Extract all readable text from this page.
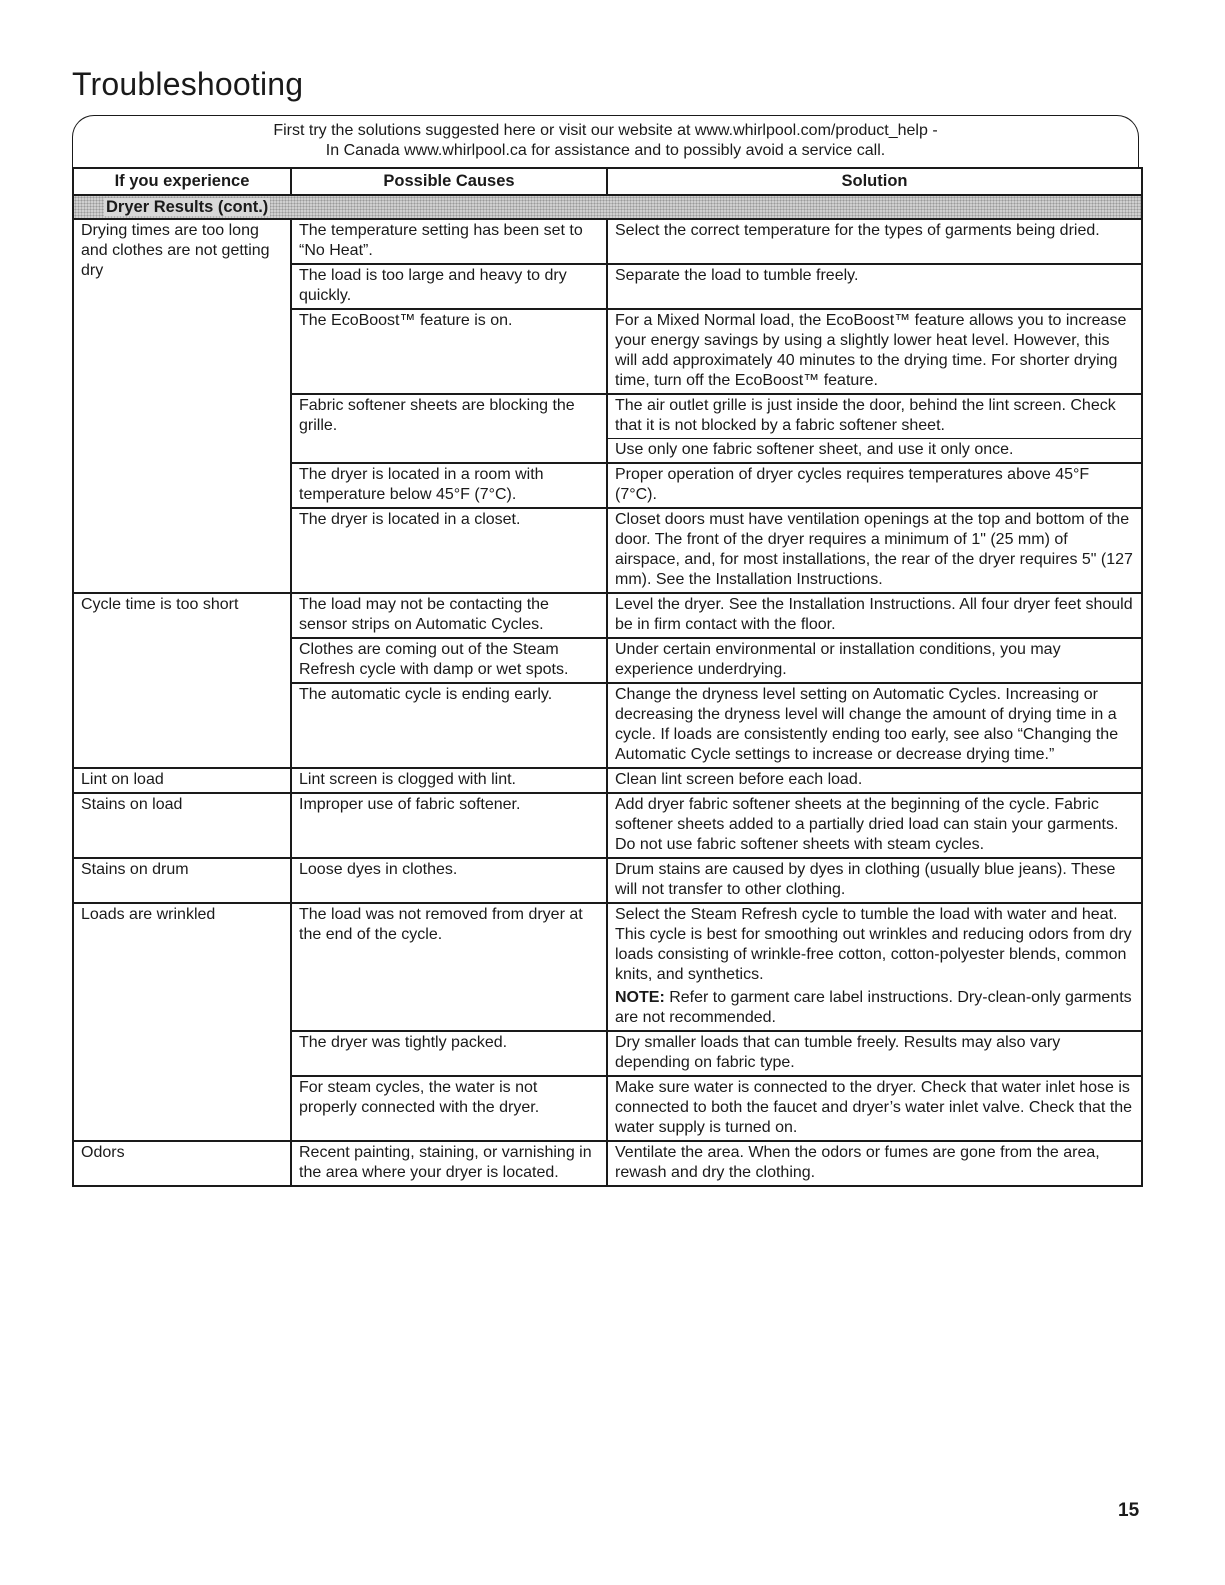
Troubleshooting
First try the solutions suggested here or visit our website at www.whirlpool.com/product_help -
In Canada www.whirlpool.ca for assistance and to possibly avoid a service call.
If you experience	Possible Causes	Solution
Dryer Results (cont.)		
Drying times are too long and clothes are not getting dry	The temperature setting has been set to “No Heat”.	Select the correct temperature for the types of garments being dried.

	The load is too large and heavy to dry quickly.	Separate the load to tumble freely.

	The EcoBoost™ feature is on.	For a Mixed Normal load, the EcoBoost™ feature allows you to increase your energy savings by using a slightly lower heat level. However, this will add approximately 40 minutes to the drying time. For shorter drying time, turn off the EcoBoost™ feature.

	Fabric softener sheets are blocking the grille.	The air outlet grille is just inside the door, behind the lint screen. Check that it is not blocked by a fabric softener sheet.
Use only one fabric softener sheet, and use it only once.

	The dryer is located in a room with temperature below 45°F (7°C).	Proper operation of dryer cycles requires temperatures above 45°F (7°C).

	The dryer is located in a closet.	Closet doors must have ventilation openings at the top and bottom of the door. The front of the dryer requires a minimum of 1" (25 mm) of airspace, and, for most installations, the rear of the dryer requires 5" (127 mm). See the Installation Instructions.

Cycle time is too short	The load may not be contacting the sensor strips on Automatic Cycles.	Level the dryer. See the Installation Instructions. All four dryer feet should be in firm contact with the floor.

	Clothes are coming out of the Steam Refresh cycle with damp or wet spots.	Under certain environmental or installation conditions, you may experience underdrying.

	The automatic cycle is ending early.	Change the dryness level setting on Automatic Cycles. Increasing or decreasing the dryness level will change the amount of drying time in a cycle. If loads are consistently ending too early, see also “Changing the Automatic Cycle settings to increase or decrease drying time.”

Lint on load	Lint screen is clogged with lint.	Clean lint screen before each load.

Stains on load	Improper use of fabric softener.	Add dryer fabric softener sheets at the beginning of the cycle. Fabric softener sheets added to a partially dried load can stain your garments. Do not use fabric softener sheets with steam cycles.

Stains on drum	Loose dyes in clothes.	Drum stains are caused by dyes in clothing (usually blue jeans). These will not transfer to other clothing.

Loads are wrinkled	The load was not removed from dryer at the end of the cycle.	Select the Steam Refresh cycle to tumble the load with water and heat. This cycle is best for smoothing out wrinkles and reducing odors from dry loads consisting of wrinkle-free cotton, cotton-polyester blends, common knits, and synthetics.

NOTE: Refer to garment care label instructions. Dry-clean-only garments are not recommended.

	The dryer was tightly packed.	Dry smaller loads that can tumble freely. Results may also vary depending on fabric type.

	For steam cycles, the water is not properly connected with the dryer.	Make sure water is connected to the dryer. Check that water inlet hose is connected to both the faucet and dryer’s water inlet valve. Check that the water supply is turned on.

Odors	Recent painting, staining, or varnishing in the area where your dryer is located.	Ventilate the area. When the odors or fumes are gone from the area, rewash and dry the clothing.

15
